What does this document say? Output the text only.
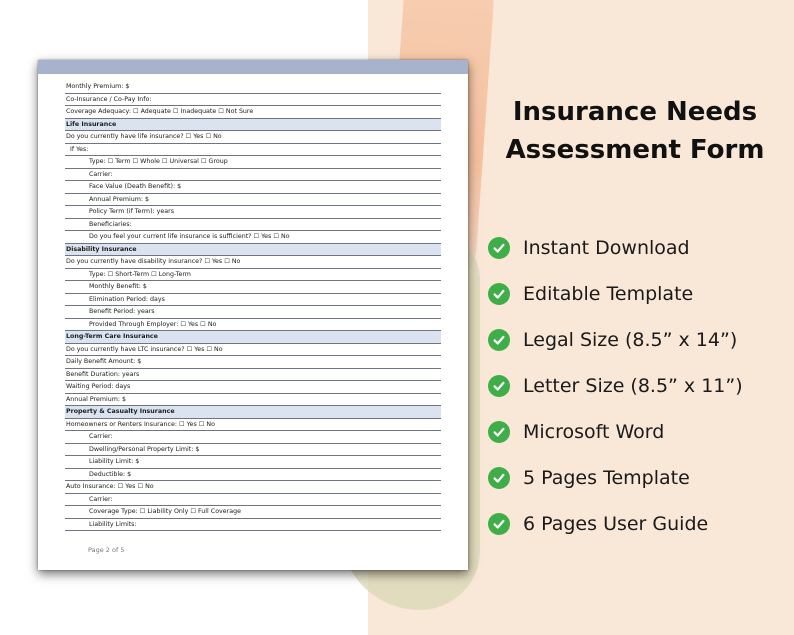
Monthly Premium: $
Co-Insurance / Co-Pay Info:
Coverage Adequacy: ☐ Adequate ☐ Inadequate ☐ Not Sure
Life Insurance
Do you currently have life insurance? ☐ Yes ☐ No
If Yes:
Type: ☐ Term ☐ Whole ☐ Universal ☐ Group
Carrier:
Face Value (Death Benefit): $
Annual Premium: $
Policy Term (if Term): years
Beneficiaries:
Do you feel your current life insurance is sufficient? ☐ Yes ☐ No
Disability Insurance
Do you currently have disability insurance? ☐ Yes ☐ No
Type: ☐ Short-Term ☐ Long-Term
Monthly Benefit: $
Elimination Period: days
Benefit Period: years
Provided Through Employer: ☐ Yes ☐ No
Long-Term Care Insurance
Do you currently have LTC insurance? ☐ Yes ☐ No
Daily Benefit Amount: $
Benefit Duration: years
Waiting Period: days
Annual Premium: $
Property & Casualty Insurance
Homeowners or Renters Insurance: ☐ Yes ☐ No
Carrier:
Dwelling/Personal Property Limit: $
Liability Limit: $
Deductible: $
Auto Insurance: ☐ Yes ☐ No
Carrier:
Coverage Type: ☐ Liability Only ☐ Full Coverage
Liability Limits:
Page 2 of 5
Insurance Needs
Assessment Form
Instant Download
Editable Template
Legal Size (8.5” x 14”)
Letter Size (8.5” x 11”)
Microsoft Word
5 Pages Template
6 Pages User Guide
